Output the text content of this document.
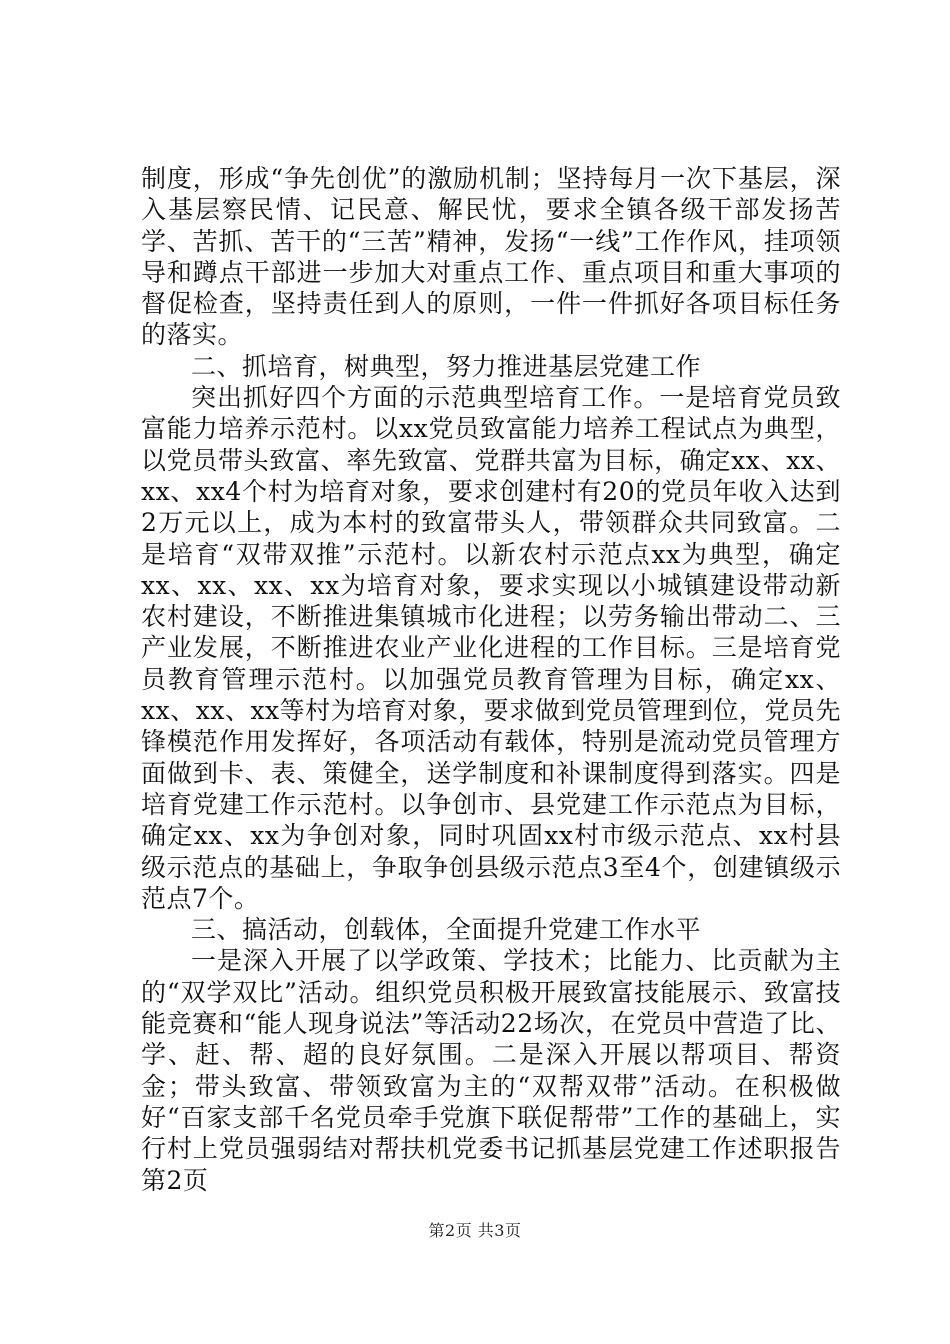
制度，形成“争先创优”的激励机制；坚持每月一次下基层，深入基层察民情、记民意、解民忧，要求全镇各级干部发扬苦学、苦抓、苦干的“三苦”精神，发扬“一线”工作作风，挂项领导和蹲点干部进一步加大对重点工作、重点项目和重大事项的督促检查，坚持责任到人的原则，一件一件抓好各项目标任务的落实。

二、抓培育，树典型，努力推进基层党建工作

突出抓好四个方面的示范典型培育工作。一是培育党员致富能力培养示范村。以xx党员致富能力培养工程试点为典型，以党员带头致富、率先致富、党群共富为目标，确定xx、xx、xx、xx4个村为培育对象，要求创建村有20的党员年收入达到2万元以上，成为本村的致富带头人，带领群众共同致富。二是培育“双带双推”示范村。以新农村示范点xx为典型，确定xx、xx、xx、xx为培育对象，要求实现以小城镇建设带动新农村建设，不断推进集镇城市化进程；以劳务输出带动二、三产业发展，不断推进农业产业化进程的工作目标。三是培育党员教育管理示范村。以加强党员教育管理为目标，确定xx、xx、xx、xx等村为培育对象，要求做到党员管理到位，党员先锋模范作用发挥好，各项活动有载体，特别是流动党员管理方面做到卡、表、策健全，送学制度和补课制度得到落实。四是培育党建工作示范村。以争创市、县党建工作示范点为目标，确定xx、xx为争创对象，同时巩固xx村市级示范点、xx村县级示范点的基础上，争取争创县级示范点3至4个，创建镇级示范点7个。

三、搞活动，创载体，全面提升党建工作水平

一是深入开展了以学政策、学技术；比能力、比贡献为主的“双学双比”活动。组织党员积极开展致富技能展示、致富技能竞赛和“能人现身说法”等活动22场次，在党员中营造了比、学、赶、帮、超的良好氛围。二是深入开展以帮项目、帮资金；带头致富、带领致富为主的“双帮双带”活动。在积极做好“百家支部千名党员牵手党旗下联促帮带”工作的基础上，实行村上党员强弱结对帮扶机党委书记抓基层党建工作述职报告第2页

第2页 共3页
